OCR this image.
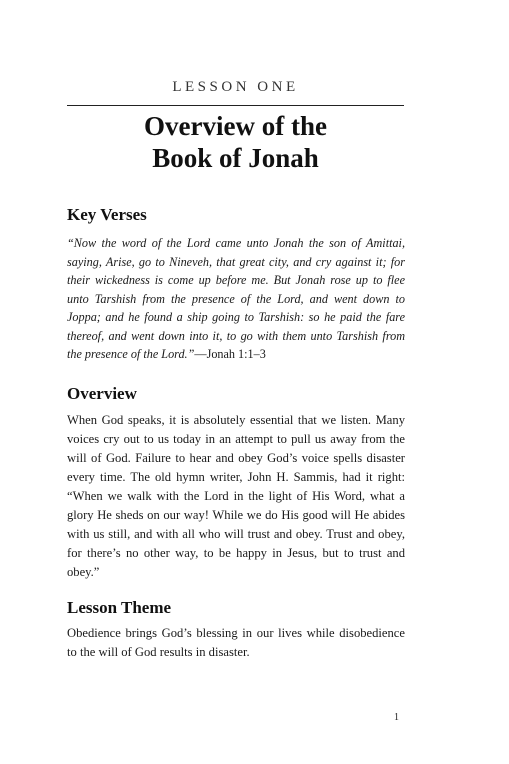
LESSON ONE
Overview of the
Book of Jonah
Key Verses
“Now the word of the Lord came unto Jonah the son of Amittai, saying, Arise, go to Nineveh, that great city, and cry against it; for their wickedness is come up before me. But Jonah rose up to flee unto Tarshish from the presence of the Lord, and went down to Joppa; and he found a ship going to Tarshish: so he paid the fare thereof, and went down into it, to go with them unto Tarshish from the presence of the Lord.”—Jonah 1:1–3
Overview
When God speaks, it is absolutely essential that we listen. Many voices cry out to us today in an attempt to pull us away from the will of God. Failure to hear and obey God’s voice spells disaster every time. The old hymn writer, John H. Sammis, had it right: “When we walk with the Lord in the light of His Word, what a glory He sheds on our way! While we do His good will He abides with us still, and with all who will trust and obey. Trust and obey, for there’s no other way, to be happy in Jesus, but to trust and obey.”
Lesson Theme
Obedience brings God’s blessing in our lives while disobedience to the will of God results in disaster.
1
